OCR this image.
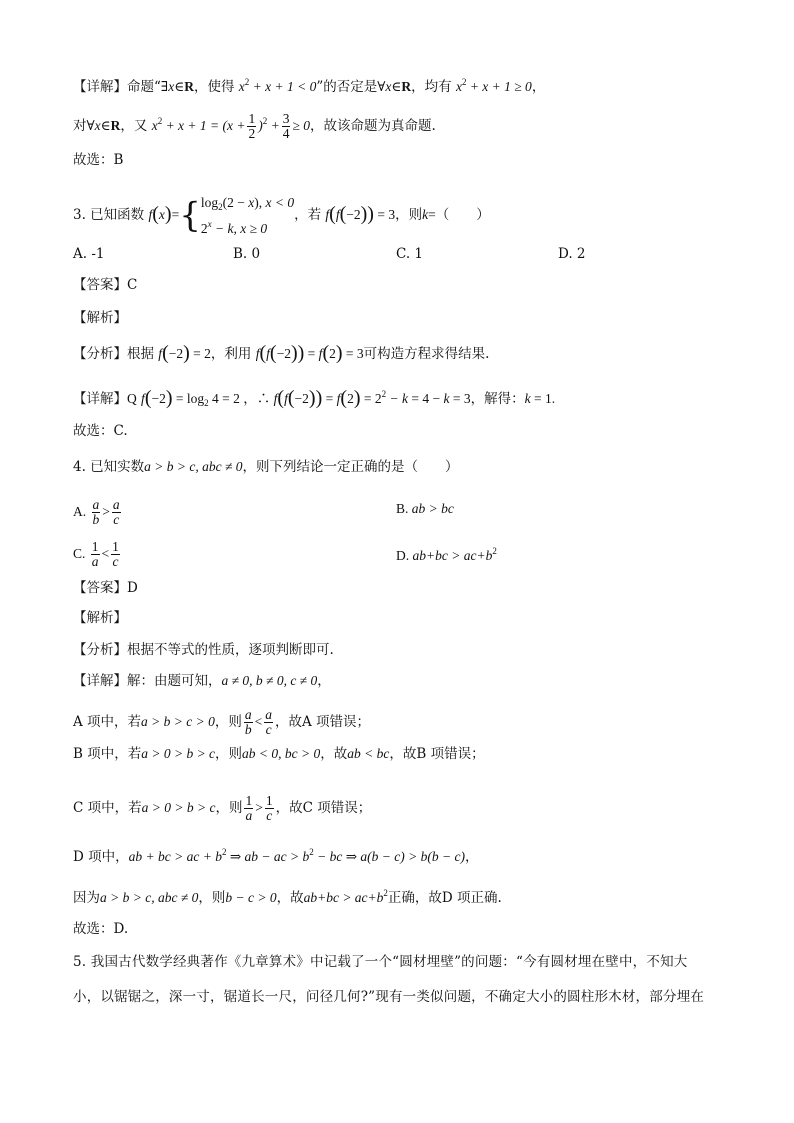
【详解】命题“∃x∈R，使得 $x^2 + x + 1 < 0$”的否定是∀x∈R，均有 $x^2 + x + 1 \ge 0$，
对∀x∈R，又 $x^2 + x + 1 = (x + \frac{1}{2} )^2 + \frac{3}{4} \ge 0$，故该命题为真命题.
故选：B
3. 已知函数 f(x)={ $\log_2(2 - x)$, x < 0
$2^x - k$, x ≥ 0
，若 f(f(−2)) = 3，则k=（　　）
A. -1	B. 0	C. 1	D. 2
【答案】C
【解析】
【分析】根据 f(−2) = 2，利用 f(f(−2)) = f(2) = 3可构造方程求得结果.
【详解】Q $f(-2) = \log_2 4 = 2$ ，∴ $f(f(-2)) = f(2) = 2^2 - k = 4 - k = 3$，解得：k = 1.
故选：C.
4. 已知实数a > b > c, abc ≠ 0，则下列结论一定正确的是（　　）
A. $\frac{a}{b} > \frac{a}{c}$	B. ab > bc
C. $\frac{1}{a} < \frac{1}{c}$	D. $ab+bc > ac+b^2$
【答案】D
【解析】
【分析】根据不等式的性质，逐项判断即可.
【详解】解：由题可知，a ≠ 0, b ≠ 0, c ≠ 0，
A 项中，若a > b > c > 0，则 $\frac{a}{b} < \frac{a}{c}$ ，故A 项错误；
B 项中，若a > 0 > b > c，则ab < 0, bc > 0，故ab < bc，故B 项错误；
C 项中，若a > 0 > b > c，则 $\frac{1}{a} > \frac{1}{c}$ ，故C 项错误；
D 项中，ab + bc > ac + $b^2$ ⇒ ab − ac > $b^2$ − bc ⇒ a(b − c) > b(b − c)，
因为a > b > c, abc ≠ 0，则b − c > 0，故$ab+bc > ac+b^2$正确，故D 项正确.
故选：D.
5. 我国古代数学经典著作《九章算术》中记载了一个“圆材埋壁”的问题：“今有圆材埋在壁中，不知大
小，以锯锯之，深一寸，锯道长一尺，问径几何?”现有一类似问题，不确定大小的圆柱形木材，部分埋在
